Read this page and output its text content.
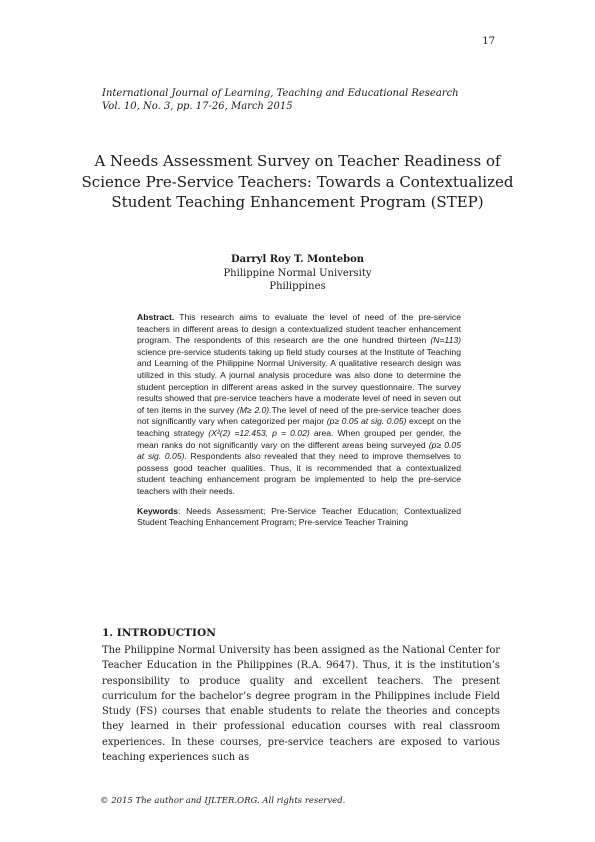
17
International Journal of Learning, Teaching and Educational Research
Vol. 10, No. 3, pp. 17-26, March 2015
A Needs Assessment Survey on Teacher Readiness of Science Pre-Service Teachers: Towards a Contextualized Student Teaching Enhancement Program (STEP)
Darryl Roy T. Montebon
Philippine Normal University
Philippines

Abstract. This research aims to evaluate the level of need of the pre-service teachers in different areas to design a contextualized student teacher enhancement program. The respondents of this research are the one hundred thirteen (N=113) science pre-service students taking up field study courses at the Institute of Teaching and Learning of the Philippine Normal University. A qualitative research design was utilized in this study. A journal analysis procedure was also done to determine the student perception in different areas asked in the survey questionnaire. The survey results showed that pre-service teachers have a moderate level of need in seven out of ten items in the survey (M≥ 2.0).The level of need of the pre-service teacher does not significantly vary when categorized per major (p≥ 0.05 at sig. 0.05) except on the teaching strategy (X²(2) =12.453, p = 0.02) area. When grouped per gender, the mean ranks do not significantly vary on the different areas being surveyed (p≥ 0.05 at sig. 0.05). Respondents also revealed that they need to improve themselves to possess good teacher qualities. Thus, it is recommended that a contextualized student teaching enhancement program be implemented to help the pre-service teachers with their needs.

Keywords: Needs Assessment; Pre-Service Teacher Education; Contextualized Student Teaching Enhancement Program; Pre-service Teacher Training

1. INTRODUCTION
The Philippine Normal University has been assigned as the National Center for Teacher Education in the Philippines (R.A. 9647). Thus, it is the institution’s responsibility to produce quality and excellent teachers. The present curriculum for the bachelor’s degree program in the Philippines include Field Study (FS) courses that enable students to relate the theories and concepts they learned in their professional education courses with real classroom experiences. In these courses, pre-service teachers are exposed to various teaching experiences such as
© 2015 The author and IJLTER.ORG. All rights reserved.
